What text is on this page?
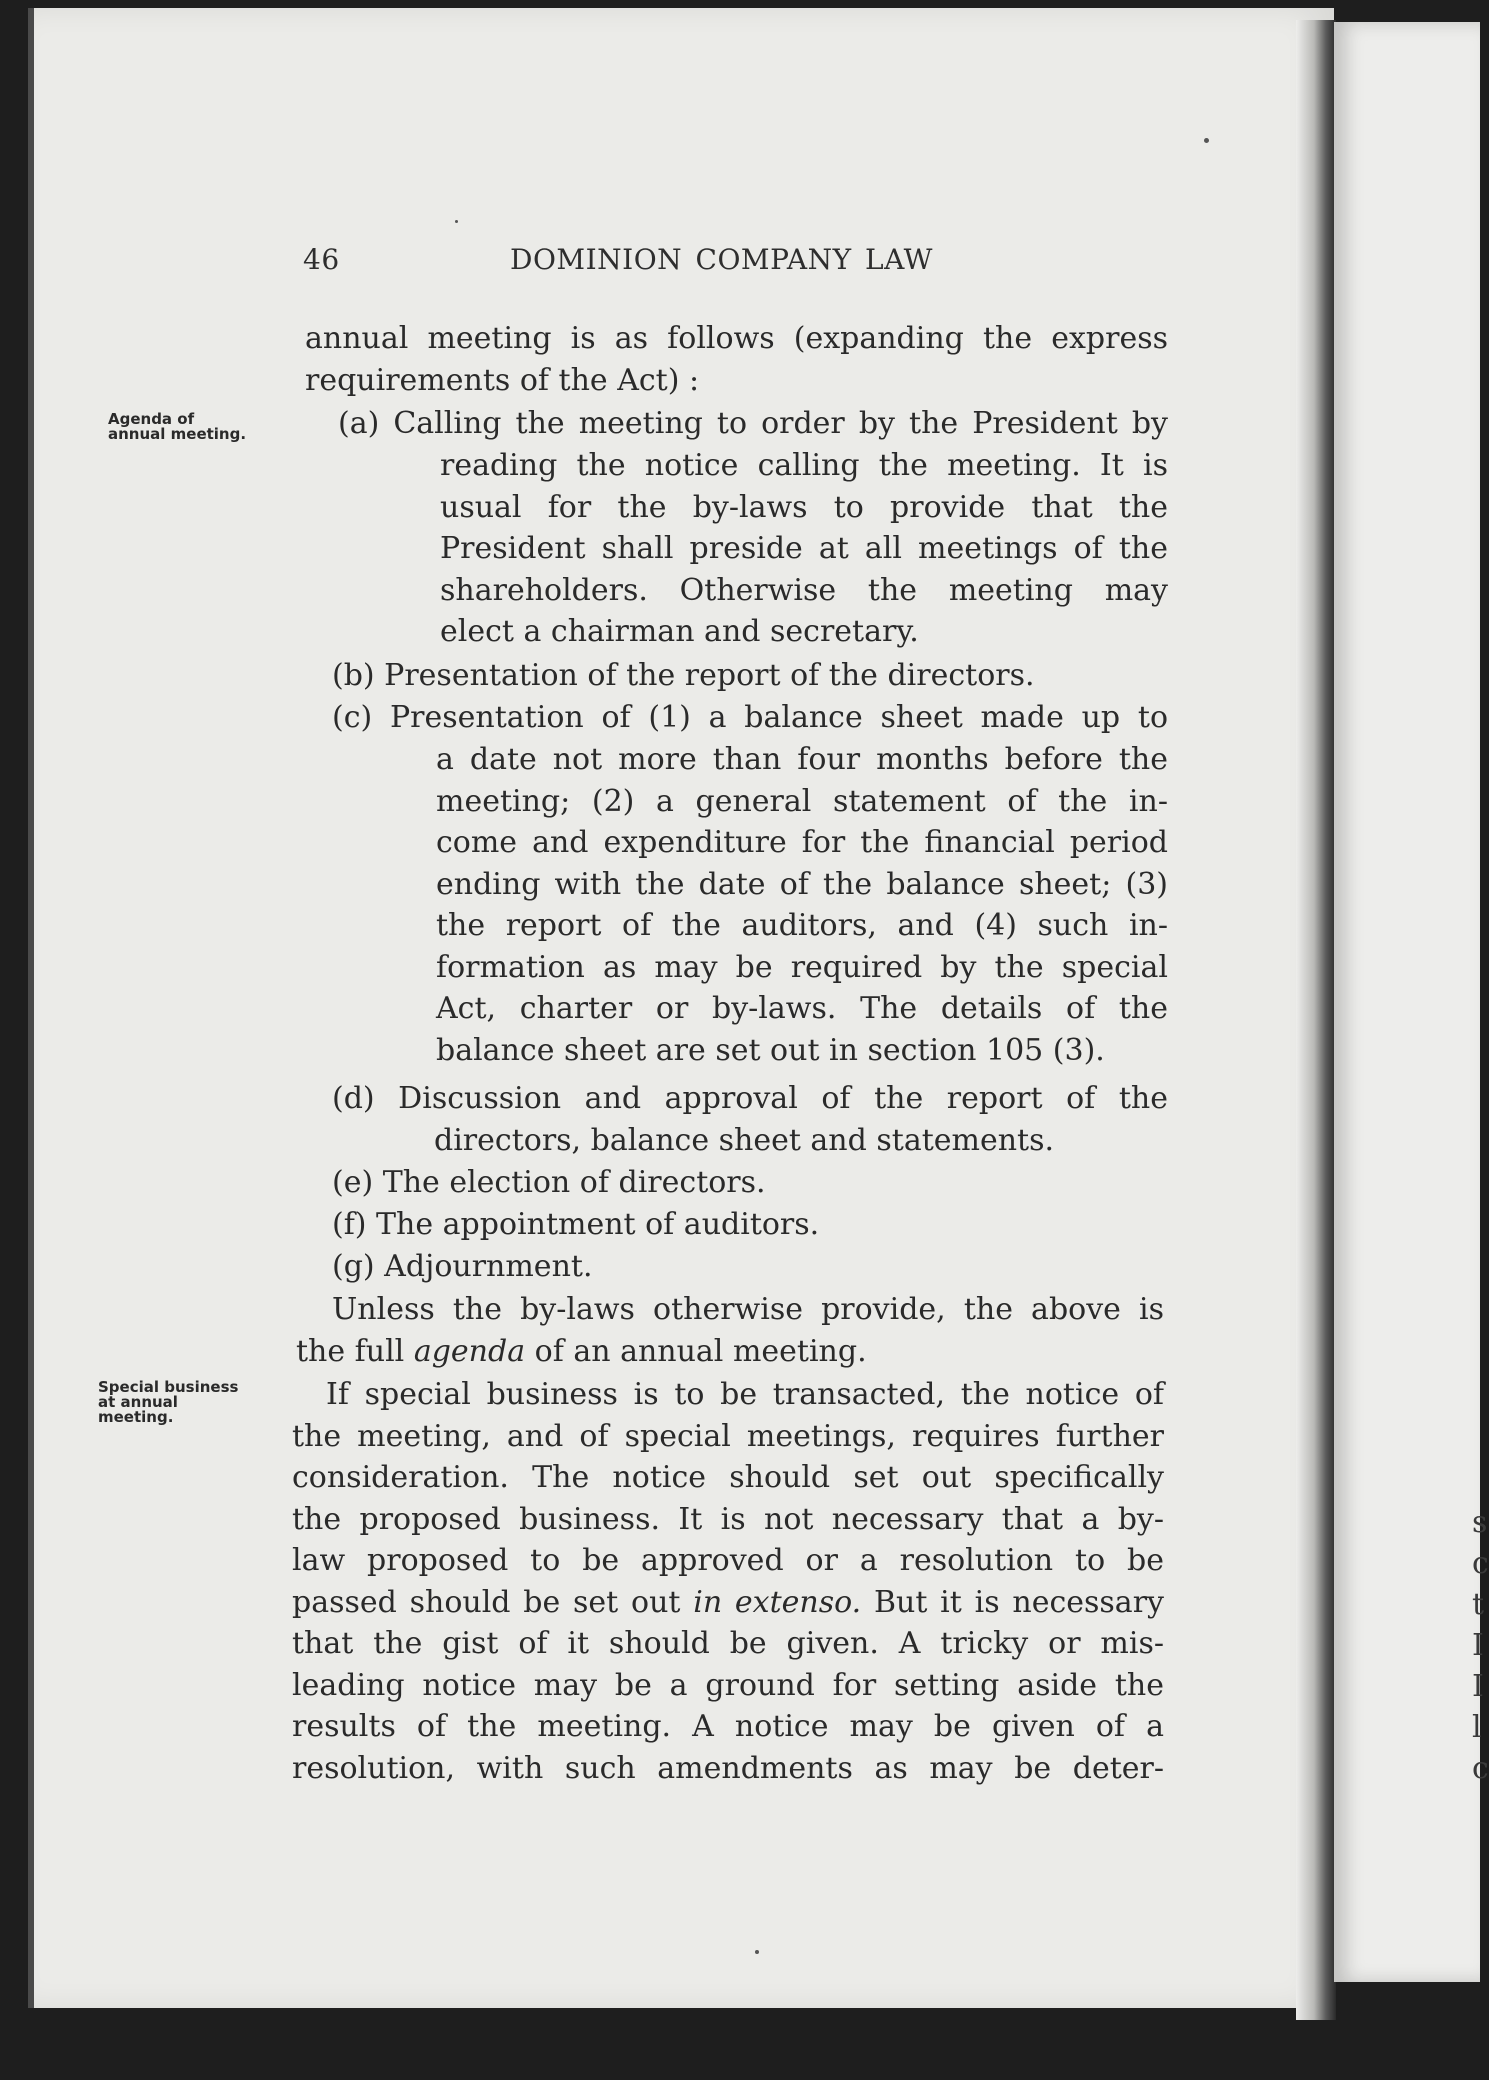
s
c
t
I
I
l
c
46	DOMINION COMPANY LAW
Agenda of
annual meeting.
Special business
at annual
meeting.
annual meeting is as follows (expanding the express
requirements of the Act) :
(a) Calling the meeting to order by the President by
reading the notice calling the meeting. It is
usual for the by-laws to provide that the
President shall preside at all meetings of the
shareholders. Otherwise the meeting may
elect a chairman and secretary.
(b) Presentation of the report of the directors.
(c) Presentation of (1) a balance sheet made up to
a date not more than four months before the
meeting; (2) a general statement of the in-
come and expenditure for the financial period
ending with the date of the balance sheet; (3)
the report of the auditors, and (4) such in-
formation as may be required by the special
Act, charter or by-laws. The details of the
balance sheet are set out in section 105 (3).
(d) Discussion and approval of the report of the
directors, balance sheet and statements.
(e) The election of directors.
(f) The appointment of auditors.
(g) Adjournment.
Unless the by-laws otherwise provide, the above is
the full agenda of an annual meeting.
If special business is to be transacted, the notice of
the meeting, and of special meetings, requires further
consideration. The notice should set out specifically
the proposed business. It is not necessary that a by-
law proposed to be approved or a resolution to be
passed should be set out in extenso. But it is necessary
that the gist of it should be given. A tricky or mis-
leading notice may be a ground for setting aside the
results of the meeting. A notice may be given of a
resolution, with such amendments as may be deter-
